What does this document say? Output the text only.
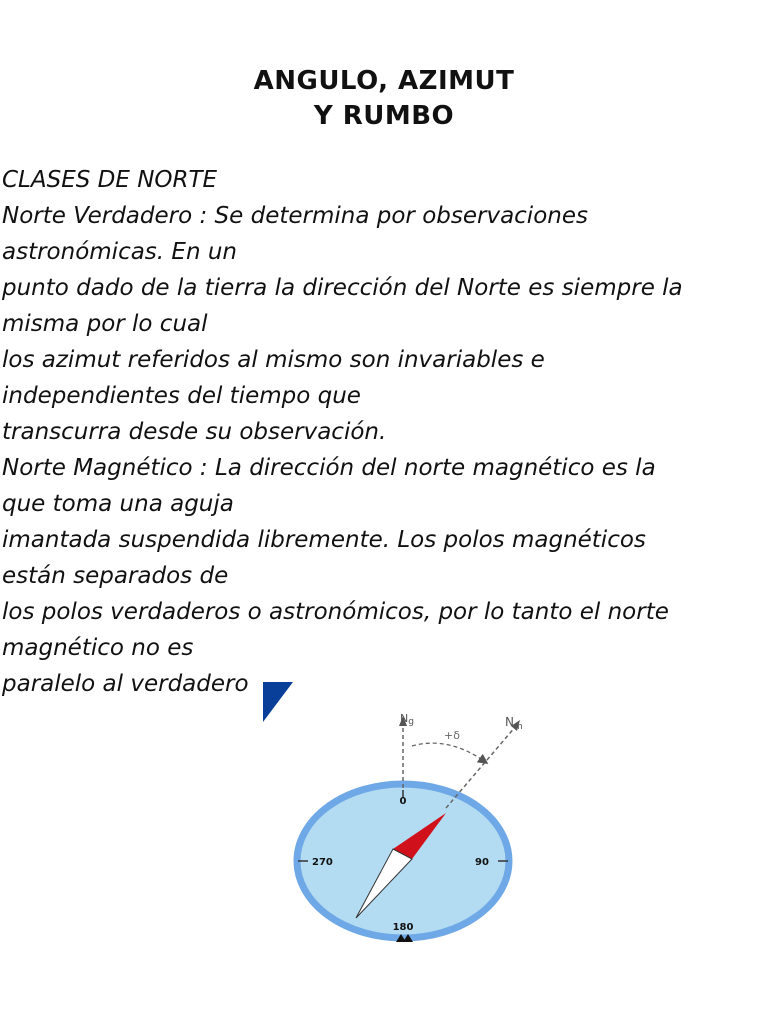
ANGULO, AZIMUT
Y RUMBO
CLASES DE NORTE
Norte Verdadero : Se determina por observaciones
astronómicas. En un
punto dado de la tierra la dirección del Norte es siempre la
misma por lo cual
los azimut referidos al mismo son invariables e
independientes del tiempo que
transcurra desde su observación.
Norte Magnético : La dirección del norte magnético es la
que toma una aguja
imantada suspendida libremente. Los polos magnéticos
están separados de
los polos verdaderos o astronómicos, por lo tanto el norte
magnético no es
paralelo al verdadero
Ng	$N_m$
+δ
0
270	90
180
